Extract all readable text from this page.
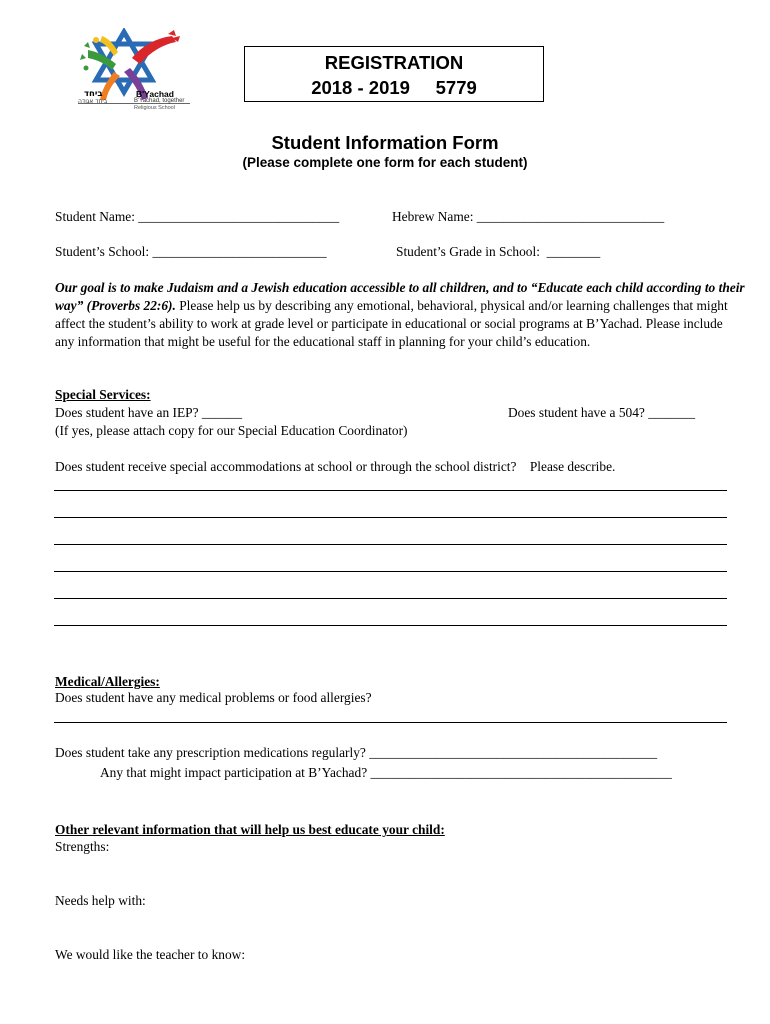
ביחד	B'Yachad
ביחד אגודה	B'Yachad, together
Religious School
REGISTRATION
2018 - 2019     5779
Student Information Form
(Please complete one form for each student)
Student Name: ______________________________	Hebrew Name: ____________________________
Student’s School: __________________________	Student’s Grade in School:  ________
Our goal is to make Judaism and a Jewish education accessible to all children, and to “Educate each child according to their way” (Proverbs 22:6). Please help us by describing any emotional, behavioral, physical and/or learning challenges that might affect the student’s ability to work at grade level or participate in educational or social programs at B’Yachad. Please include any information that might be useful for the educational staff in planning for your child’s education.
Special Services:
Does student have an IEP? ______	Does student have a 504? _______
(If yes, please attach copy for our Special Education Coordinator)
Does student receive special accommodations at school or through the school district?    Please describe.
Medical/Allergies:
Does student have any medical problems or food allergies?
Does student take any prescription medications regularly? ___________________________________________
Any that might impact participation at B’Yachad? _____________________________________________
Other relevant information that will help us best educate your child:
Strengths:
Needs help with:
We would like the teacher to know:
